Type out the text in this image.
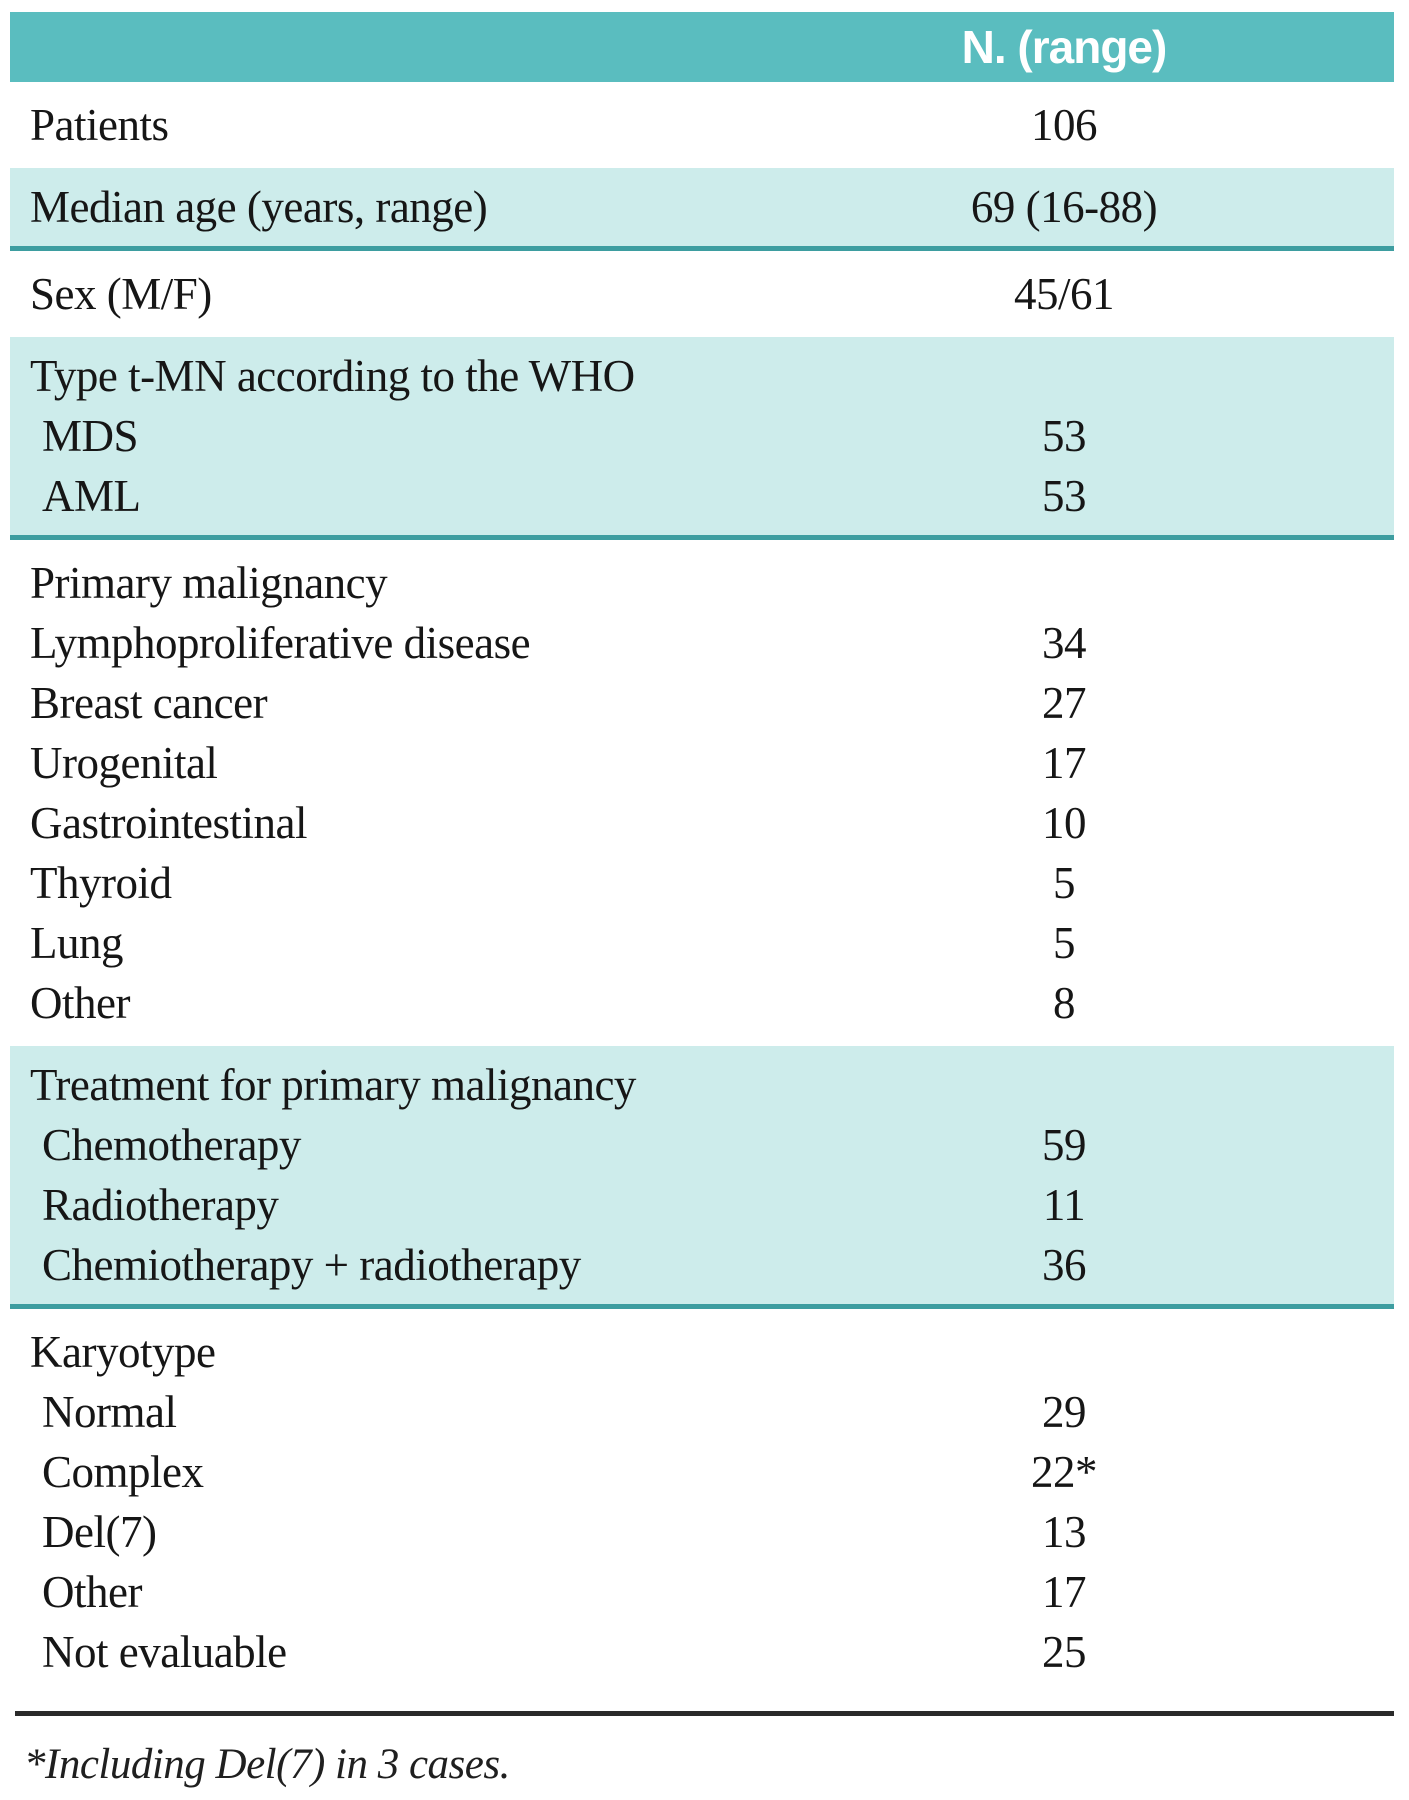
N. (range)
Patients	106
Median age (years, range)	69 (16-88)
Sex (M/F)	45/61
Type t-MN according to the WHO
MDS	53
AML	53
Primary malignancy
Lymphoproliferative disease	34
Breast cancer	27
Urogenital	17
Gastrointestinal	10
Thyroid	5
Lung	5
Other	8
Treatment for primary malignancy
Chemotherapy	59
Radiotherapy	11
Chemiotherapy + radiotherapy	36
Karyotype
Normal	29
Complex	22*
Del(7)	13
Other	17
Not evaluable	25
*Including Del(7) in 3 cases.
